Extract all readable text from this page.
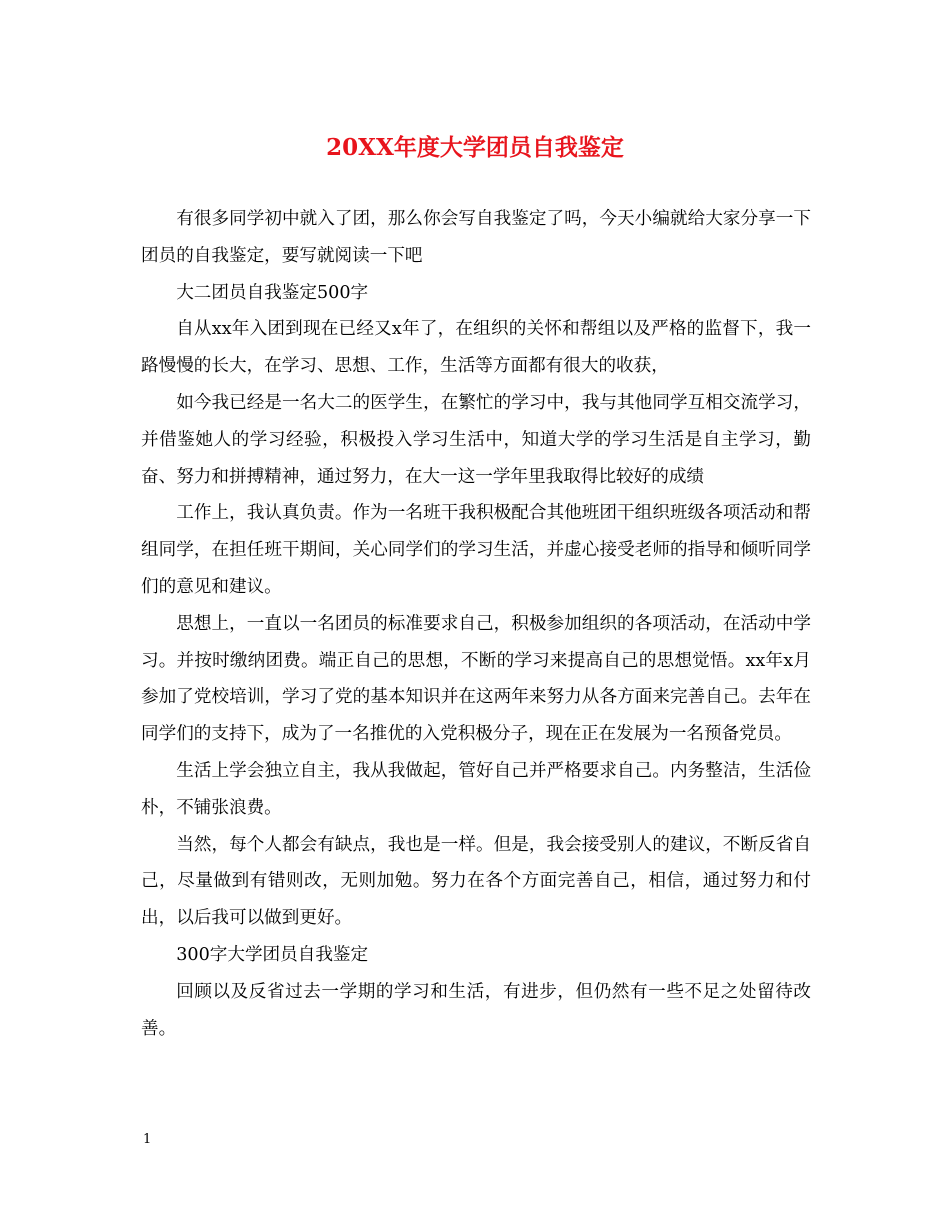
20XX年度大学团员自我鉴定

有很多同学初中就入了团，那么你会写自我鉴定了吗，今天小编就给大家分享一下团员的自我鉴定，要写就阅读一下吧

大二团员自我鉴定500字

自从xx年入团到现在已经又x年了，在组织的关怀和帮组以及严格的监督下，我一路慢慢的长大，在学习、思想、工作，生活等方面都有很大的收获，

如今我已经是一名大二的医学生，在繁忙的学习中，我与其他同学互相交流学习，并借鉴她人的学习经验，积极投入学习生活中，知道大学的学习生活是自主学习，勤奋、努力和拼搏精神，通过努力，在大一这一学年里我取得比较好的成绩

工作上，我认真负责。作为一名班干我积极配合其他班团干组织班级各项活动和帮组同学，在担任班干期间，关心同学们的学习生活，并虚心接受老师的指导和倾听同学们的意见和建议。

思想上，一直以一名团员的标准要求自己，积极参加组织的各项活动，在活动中学习。并按时缴纳团费。端正自己的思想，不断的学习来提高自己的思想觉悟。xx年x月参加了党校培训，学习了党的基本知识并在这两年来努力从各方面来完善自己。去年在同学们的支持下，成为了一名推优的入党积极分子，现在正在发展为一名预备党员。

生活上学会独立自主，我从我做起，管好自己并严格要求自己。内务整洁，生活俭朴，不铺张浪费。

当然，每个人都会有缺点，我也是一样。但是，我会接受别人的建议，不断反省自己，尽量做到有错则改，无则加勉。努力在各个方面完善自己，相信，通过努力和付出，以后我可以做到更好。

300字大学团员自我鉴定

回顾以及反省过去一学期的学习和生活，有进步，但仍然有一些不足之处留待改善。

1
